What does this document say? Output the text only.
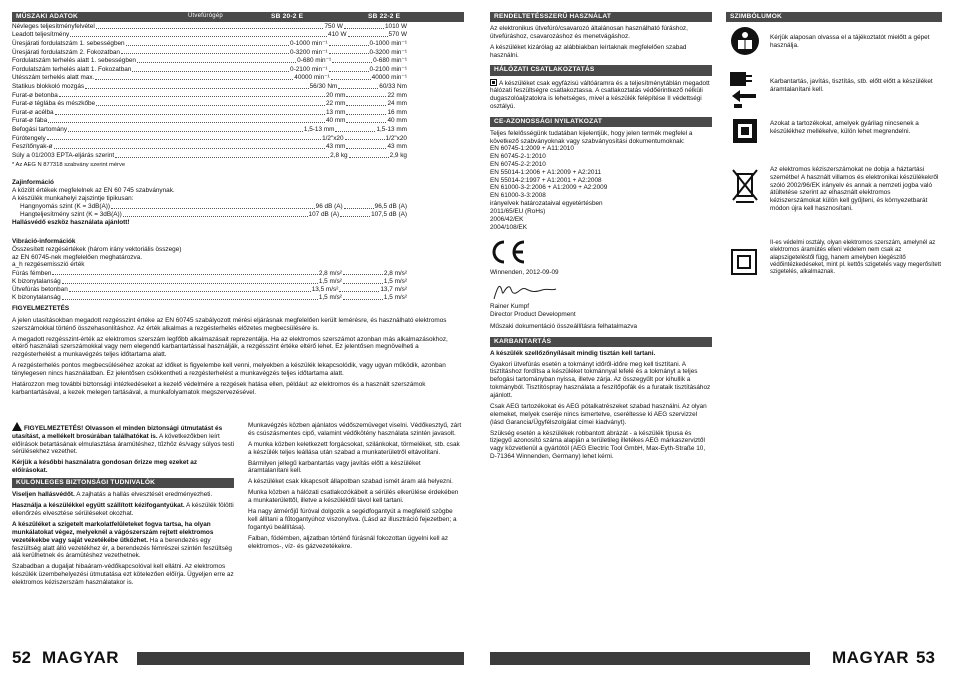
MŰSZAKI ADATOK	Ütvefúrógép	SB 20-2 E	SB 22-2 E
Névleges teljesítményfelvétel	750 W	1010 W
Leadott teljesítmény	410 W	570 W
Üresjárati fordulatszám 1. sebességben	0-1000 min⁻¹	0-1000 min⁻¹
Üresjárati fordulatszám 2. Fokozatban	0-3200 min⁻¹	0-3200 min⁻¹
Fordulatszám terhelés alatt 1. sebességben	0-680 min⁻¹	0-680 min⁻¹
Fordulatszám terhelés alatt 1. Fokozatban	0-2100 min⁻¹	0-2100 min⁻¹
Ütésszám terhelés alatt max.	40000 min⁻¹	40000 min⁻¹
Statikus blokkoló mozgás	56/30 Nm	60/33 Nm
Furat-ø betonba	20 mm	22 mm
Furat-ø téglába és mészkőbe	22 mm	24 mm
Furat-ø acélba	13 mm	16 mm
Furat-ø fába	40 mm	40 mm
Befogási tartomány	1,5-13 mm	1,5-13 mm
Fúrótengely	1/2"x20	1/2"x20
Feszítőnyak-ø	43 mm	43 mm
Súly a 01/2003 EPTA-eljárás szerint	2,8 kg	2,9 kg
* Az AEG N 877318 szabvány szerint mérve
Zajinformáció
A közölt értékek megfelelnek az EN 60 745 szabványnak.
A készülék munkahelyi zajszintje tipikusan:
Hangnyomás szint (K = 3dB(A))	96 dB (A)	96,5 dB (A)
Hangteljesítmény szint (K = 3dB(A))	107 dB (A)	107,5 dB (A)
Hallásvédő eszköz használata ajánlott!
Vibráció-információk
Összesített rezgésértékek (három irány vektoriális összege)
az EN 60745-nek megfelelően meghatározva.
a_h rezgésemisszió érték
Fúrás fémben	2,8 m/s²	2,8 m/s²
K bizonytalanság	1,5 m/s²	1,5 m/s²
Ütvefúrás betonban	13,5 m/s²	13,7 m/s²
K bizonytalanság	1,5 m/s²	1,5 m/s²
FIGYELMEZTETÉS

A jelen utasításokban megadott rezgésszint értéke az EN 60745 szabályozott mérési eljárásnak megfelelően került lemérésre, és használható elektromos szerszámokkal történő összehasonlításhoz. Az érték alkalmas a rezgésterhelés előzetes megbecsülésére is.

A megadott rezgésszint-érték az elektromos szerszám legfőbb alkalmazásait reprezentálja. Ha az elektromos szerszámot azonban más alkalmazásokhoz, eltérő használati szerszámokkal vagy nem elegendő karbantartással használják, a rezgésszint értéke eltérő lehet. Ez jelentősen megnövelheti a rezgésterhelést a munkavégzés teljes időtartama alatt.

A rezgésterhelés pontos megbecsüléséhez azokat az időket is figyelembe kell venni, melyekben a készülék lekapcsolódik, vagy ugyan működik, azonban ténylegesen nincs használatban. Ez jelentősen csökkentheti a rezgésterhelést a munkavégzés teljes időtartama alatt.

Határozzon meg további biztonsági intézkedéseket a kezelő védelmére a rezgések hatása ellen, például: az elektromos és a használt szerszámok karbantartásával, a kezek melegen tartásával, a munkafolyamatok megszervezésével.

FIGYELMEZTETÉS! Olvasson el minden biztonsági útmutatást és utasítást, a mellékelt brosúrában találhatókat is. A következőkben leírt előírások betartásának elmulasztása áramütéshez, tűzhöz és/vagy súlyos testi sérülésekhez vezethet.

Kérjük a későbbi használatra gondosan őrizze meg ezeket az előírásokat.

KÜLÖNLEGES BIZTONSÁGI TUDNIVALÓK

Viseljen hallásvédőt. A zajhatás a hallás elvesztését eredményezheti.

Használja a készülékkel együtt szállított kézifogantyúkat. A készülék fölötti ellenőrzés elvesztése sérüléseket okozhat.

A készüléket a szigetelt markolatfelületeket fogva tartsa, ha olyan munkálatokat végez, melyeknél a vágószerszám rejtett elektromos vezetékekbe vagy saját vezetékébe ütközhet. Ha a berendezés egy feszültség alatt álló vezetékhez ér, a berendezés fémrészei szintén feszültség alá kerülhetnek és áramütéshez vezethetnek.

Szabadban a dugaljat hibaáram-védőkapcsolóval kell ellátni. Az elektromos készülék üzembehelyezési útmutatása ezt kötelezően előírja. Ügyeljen erre az elektromos kéziszerszám használatakor is.

Munkavégzés közben ajánlatos védőszemüveget viselni. Védőkesztyű, zárt és csúszásmentes cipő, valamint védőkötény használata szintén javasolt.

A munka közben keletkezett forgácsokat, szilánkokat, törmeléket, stb. csak a készülék teljes leállása után szabad a munkaterületről eltávolítani.

Bármilyen jellegű karbantartás vagy javítás előtt a készüléket áramtalanítani kell.

A készüléket csak kikapcsolt állapotban szabad ismét áram alá helyezni.

Munka közben a hálózati csatlakozókábelt a sérülés elkerülése érdekében a munkaterülettől, illetve a készüléktől távol kell tartani.

Ha nagy átmérőjű fúróval dolgozik a segédfogantyút a megfelelő szögbe kell állítani a fűtogantyúhoz viszonyítva. (Lásd az illusztráció fejezetben; a fogantyú beállítása).

Falban, födémben, aljzatban történő fúrásnál fokozottan ügyelni kell az elektromos-, víz- és gázvezetékekre.

52 MAGYAR
RENDELTETÉSSZERŰ HASZNÁLAT

Az elektronikus ütvefúró/csavarozó általánosan használható fúráshoz, ütvefúráshoz, csavarozáshoz és menetvágáshoz.

A készüléket kizárólag az alábbiakban leírtaknak megfelelően szabad használni.

HÁLÓZATI CSATLAKOZTATÁS

A készüléket csak egyfázisú váltóáramra és a teljesítménytáblán megadott hálózati feszültségre csatlakoztassa. A csatlakoztatás védőérintkező nélküli dugaszolóaljzatokra is lehetséges, mivel a készülék felépítése II védettségi osztályú.

CE-AZONOSSÁGI NYILATKOZAT

Teljes felelősségünk tudatában kijelentjük, hogy jelen termék megfelel a következő szabványoknak vagy szabványosítási dokumentumoknak:

EN 60745-1:2009 + A11:2010
EN 60745-2-1:2010
EN 60745-2-2:2010
EN 55014-1:2006 + A1:2009 + A2:2011
EN 55014-2:1997 + A1:2001 + A2:2008
EN 61000-3-2:2006 + A1:2009 + A2:2009
EN 61000-3-3:2008
irányelvek határozataival egyetértésben
2011/65/EU (RoHs)
2006/42/EK
2004/108/EK
Winnenden, 2012-09-09
Rainer Kumpf
Director Product Development
Műszaki dokumentáció összeállításra felhatalmazva
KARBANTARTÁS

A készülék szellőzőnyílásait mindig tisztán kell tartani.

Gyakori ütvefúrás esetén a tokmányt időről-időre meg kell tisztítani. A tisztításhoz fordítsa a készüléket tokmánnyal lefelé és a tokmányt a teljes befogási tartományban nyissa, illetve zárja. Az összegyűlt por kihullik a tokmányból. Tisztítóspray használata a feszítőpofák és a furataik tisztításához ajánlott.

Csak AEG tartozékokat és AEG pótalkatrészeket szabad használni. Az olyan elemeket, melyek cseréje nincs ismertetve, cseréltesse ki AEG szervizzel (lásd Garancia/Ügyfélszolgálat címei kiadványt).

Szükség esetén a készülékek robbantott ábrázát - a készülék típusa és tizjegyű azonosító száma alapján a területileg illetékes AEG márkaszerviztől vagy közvetlenül a gyártótól (AEG Electric Tool GmbH, Max-Eyth-Straße 10, D-71364 Winnenden, Germany) lehet kérni.

SZIMBÓLUMOK
Kérjük alaposan olvassa el a tájékoztatót mielőtt a gépet használja.
Karbantartás, javítás, tisztítás, stb. előtt előtt a készüléket áramtalanítani kell.
Azokat a tartozékokat, amelyek gyárilag nincsenek a készülékhez mellékelve, külön lehet megrendelni.
Az elektromos kéziszerszámokat ne dobja a háztartási szemétbe! A használt villamos és elektronikai készülékekről szóló 2002/96/EK irányelv és annak a nemzeti jogba való átültetése szerint az elhasznált elektromos kéziszerszámokat külön kell gyűjteni, és környezetbarát módon újra kell hasznosítani.
II-es védelmi osztály, olyan elektromos szerszám, amelynél az elektromos áramütés elleni védelem nem csak az alapszigeteléstől függ, hanem amelyben kiegészítő védőintézkedéseket, mint pl. kettős szigetelés vagy megerősített szigetelés, alkalmaznak.
MAGYAR 53
